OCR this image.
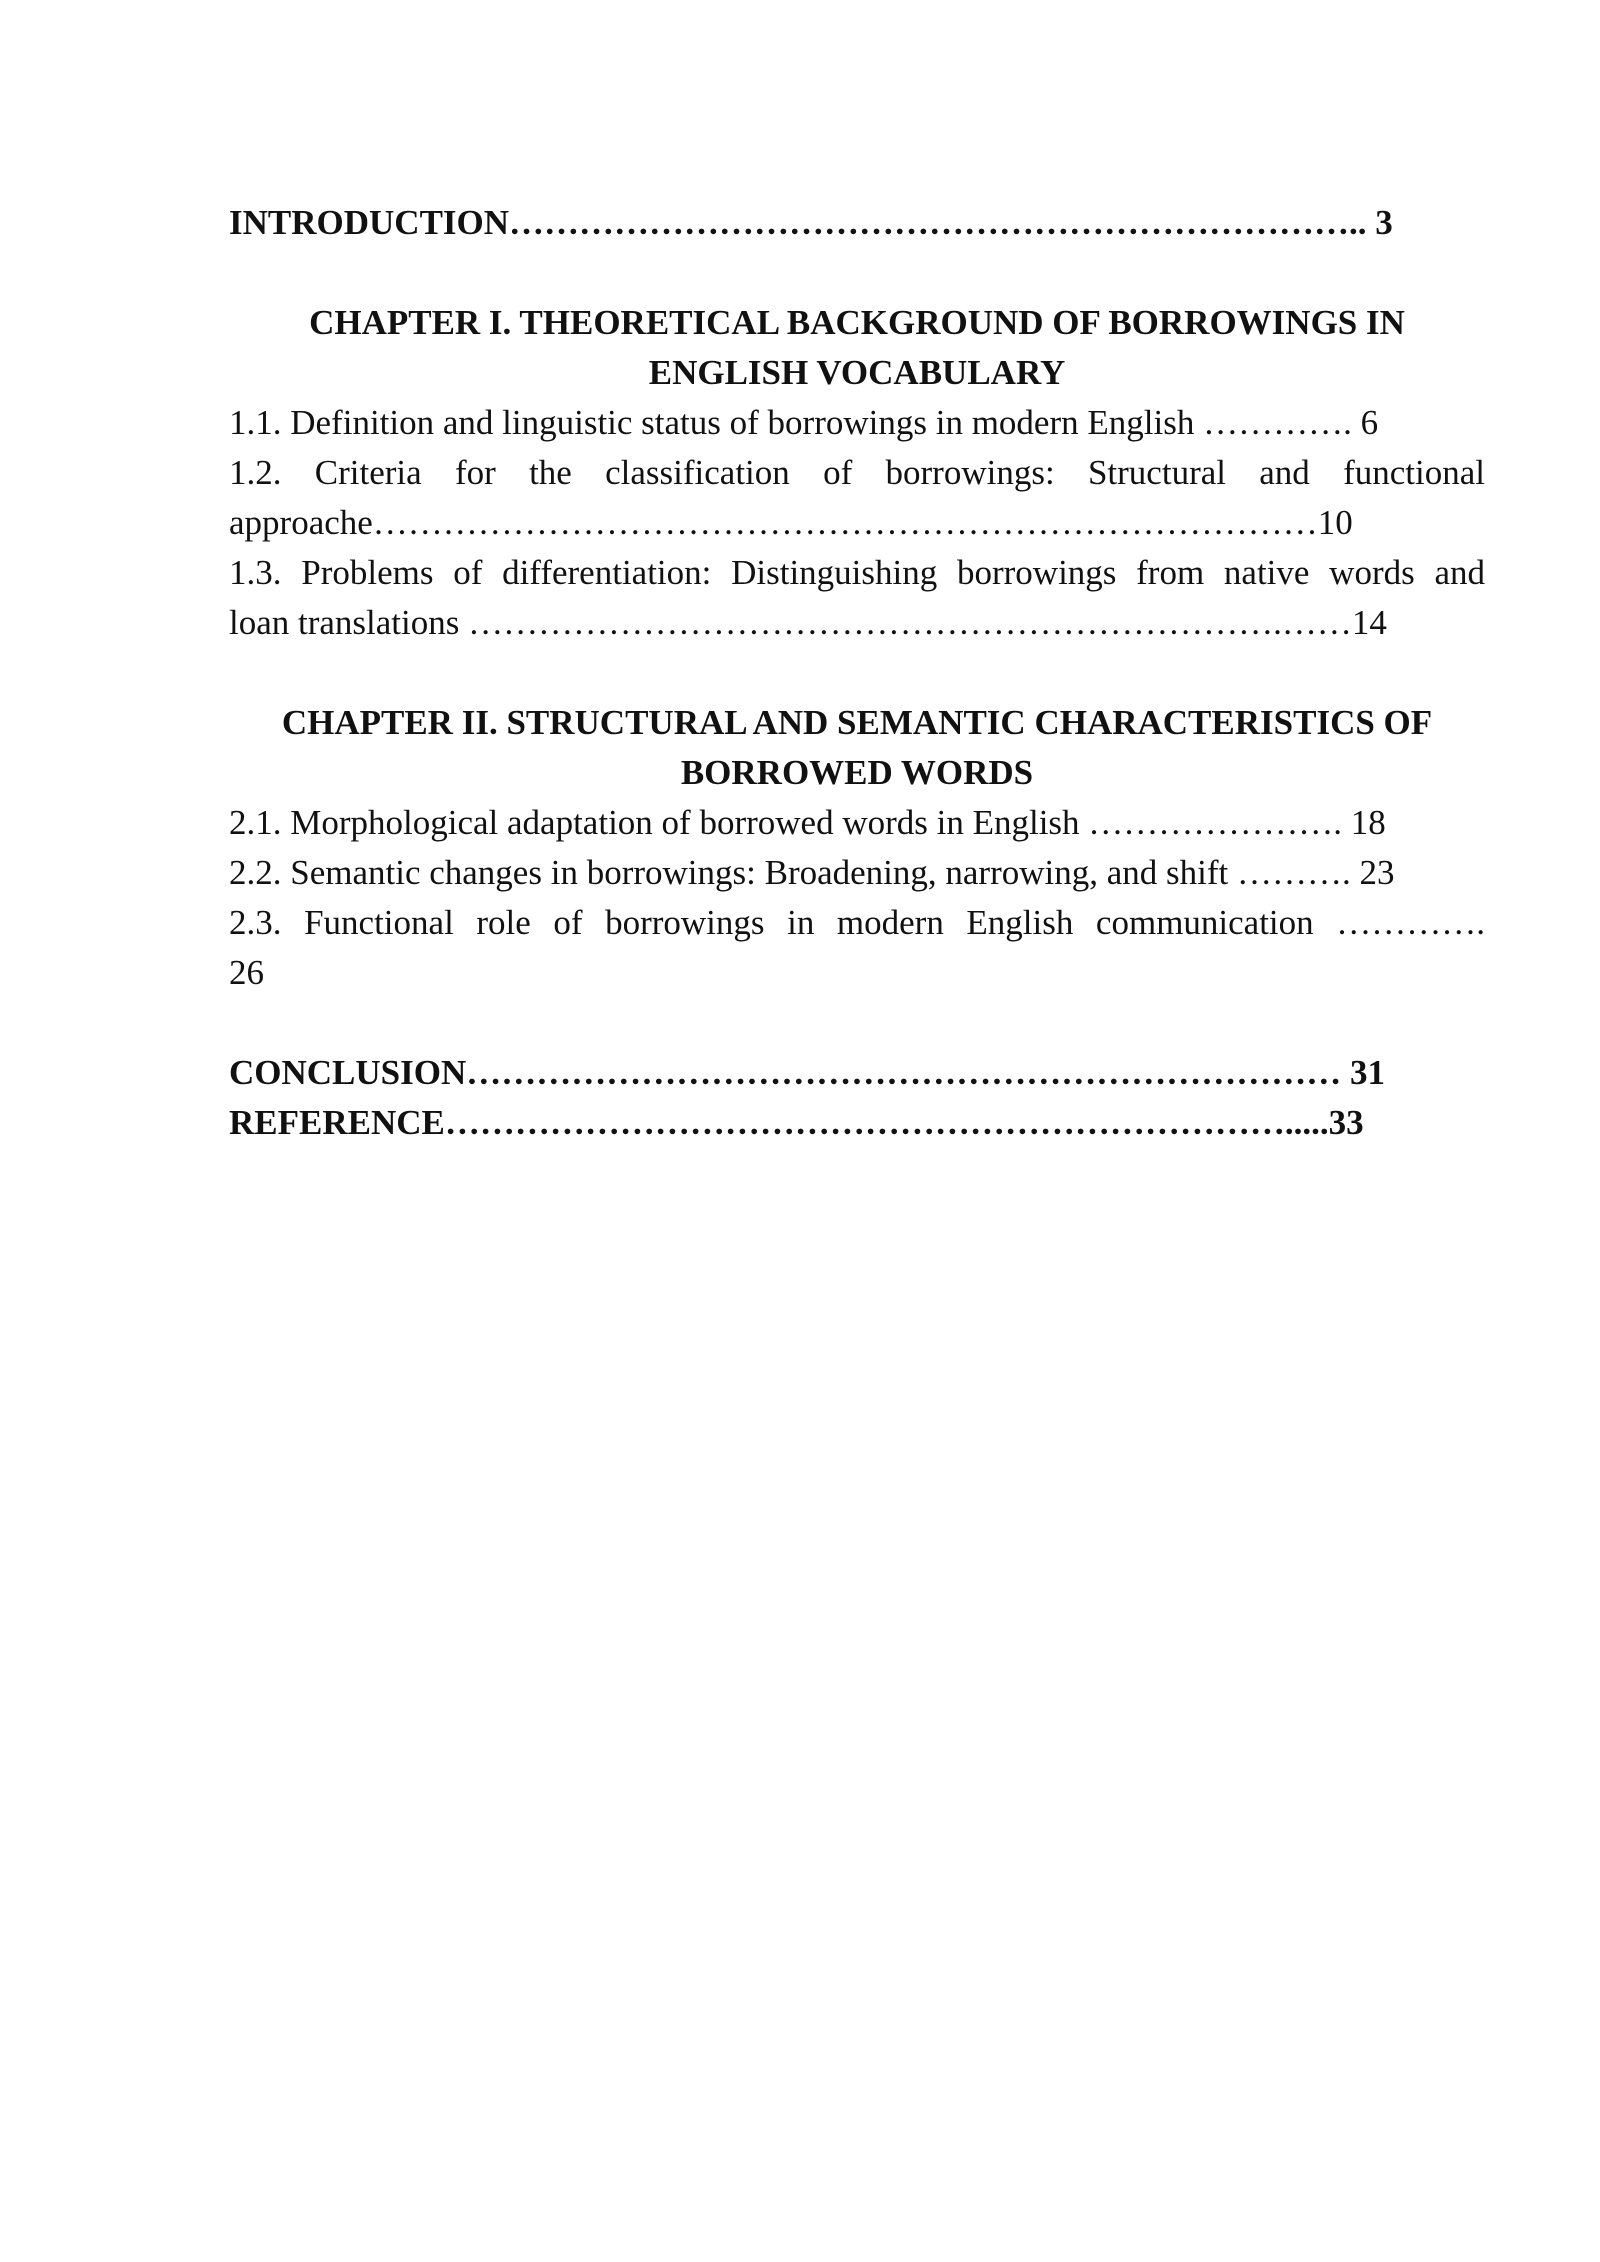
INTRODUCTION……………………………………………………………….. 3
CHAPTER I. THEORETICAL BACKGROUND OF BORROWINGS IN
ENGLISH VOCABULARY
1.1. Definition and linguistic status of borrowings in modern English …………. 6
1.2. Criteria for the classification of borrowings: Structural and functional
approache………………………………………………………………………10
1.3. Problems of differentiation: Distinguishing borrowings from native words and
loan translations …………………………………………………………….……14
CHAPTER II. STRUCTURAL AND SEMANTIC CHARACTERISTICS OF
BORROWED WORDS
2.1. Morphological adaptation of borrowed words in English …………………. 18
2.2. Semantic changes in borrowings: Broadening, narrowing, and shift ………. 23
2.3. Functional role of borrowings in modern English communication ………….
26
CONCLUSION………………………………………………………………… 31
REFERENCE……………………………………………………………….....33
